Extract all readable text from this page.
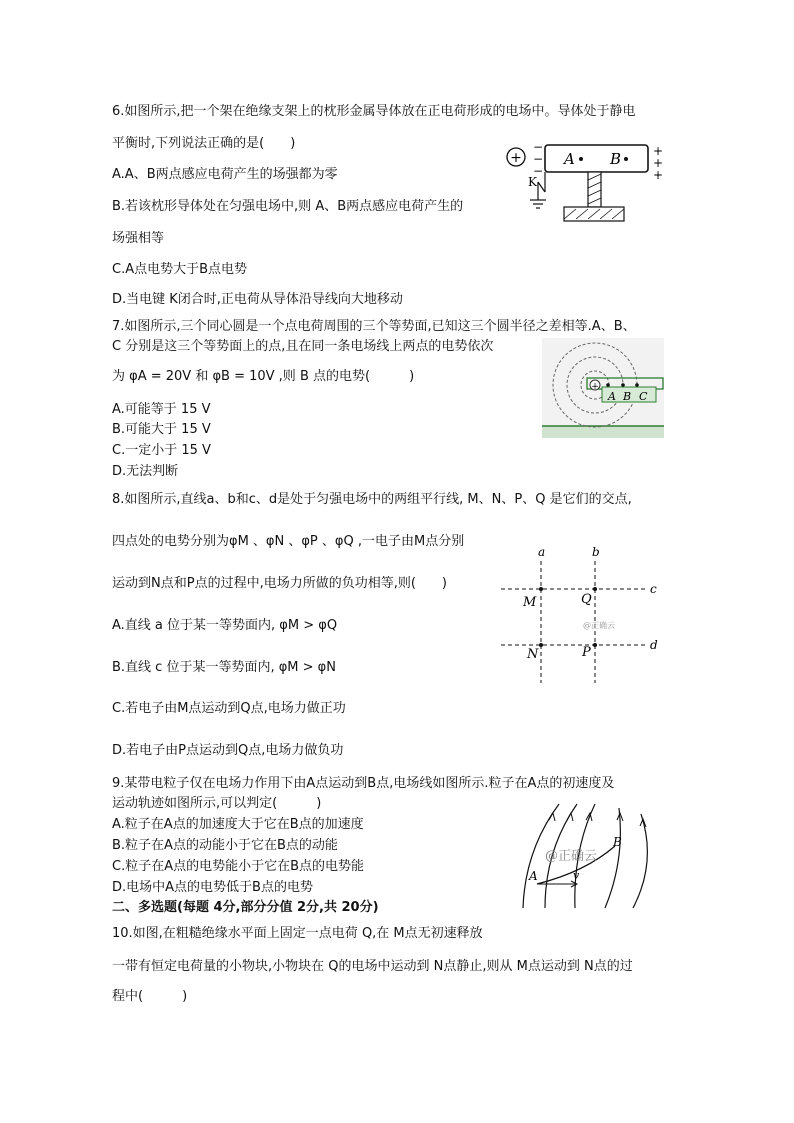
6.如图所示,把一个架在绝缘支架上的枕形金属导体放在正电荷形成的电场中。导体处于静电
平衡时,下列说法正确的是(　　)
A.A、B两点感应电荷产生的场强都为零
B.若该枕形导体处在匀强电场中,则 A、B两点感应电荷产生的
场强相等
C.A点电势大于B点电势
D.当电键 K闭合时,正电荷从导体沿导线向大地移动
+
−
−
−
A B	+
+
+
K
7.如图所示,三个同心圆是一个点电荷周围的三个等势面,已知这三个圆半径之差相等.A、B、
C 分别是这三个等势面上的点,且在同一条电场线上两点的电势依次
为 φA = 20V 和 φB = 10V ,则 B 点的电势(　　　)
A.可能等于 15 V
B.可能大于 15 V
C.一定小于 15 V
D.无法判断
+
A B C
8.如图所示,直线a、b和c、d是处于匀强电场中的两组平行线, M、N、P、Q 是它们的交点,
四点处的电势分别为φM 、φN 、φP 、φQ ,一电子由M点分别
运动到N点和P点的过程中,电场力所做的负功相等,则(　　)
A.直线 a 位于某一等势面内, φM > φQ
B.直线 c 位于某一等势面内, φM > φN
C.若电子由M点运动到Q点,电场力做正功
D.若电子由P点运动到Q点,电场力做负功
a	b
c
d
M	Q
N	P
@正确云
9.某带电粒子仅在电场力作用下由A点运动到B点,电场线如图所示.粒子在A点的初速度及
运动轨迹如图所示,可以判定(　　　)
A.粒子在A点的加速度大于它在B点的加速度
B.粒子在A点的动能小于它在B点的动能
C.粒子在A点的电势能小于它在B点的电势能
D.电场中A点的电势低于B点的电势
A	v
B
@正确云
二、多选题(每题 4分,部分分值 2分,共 20分)
10.如图,在粗糙绝缘水平面上固定一点电荷 Q,在 M点无初速释放
一带有恒定电荷量的小物块,小物块在 Q的电场中运动到 N点静止,则从 M点运动到 N点的过
程中(　　　)
